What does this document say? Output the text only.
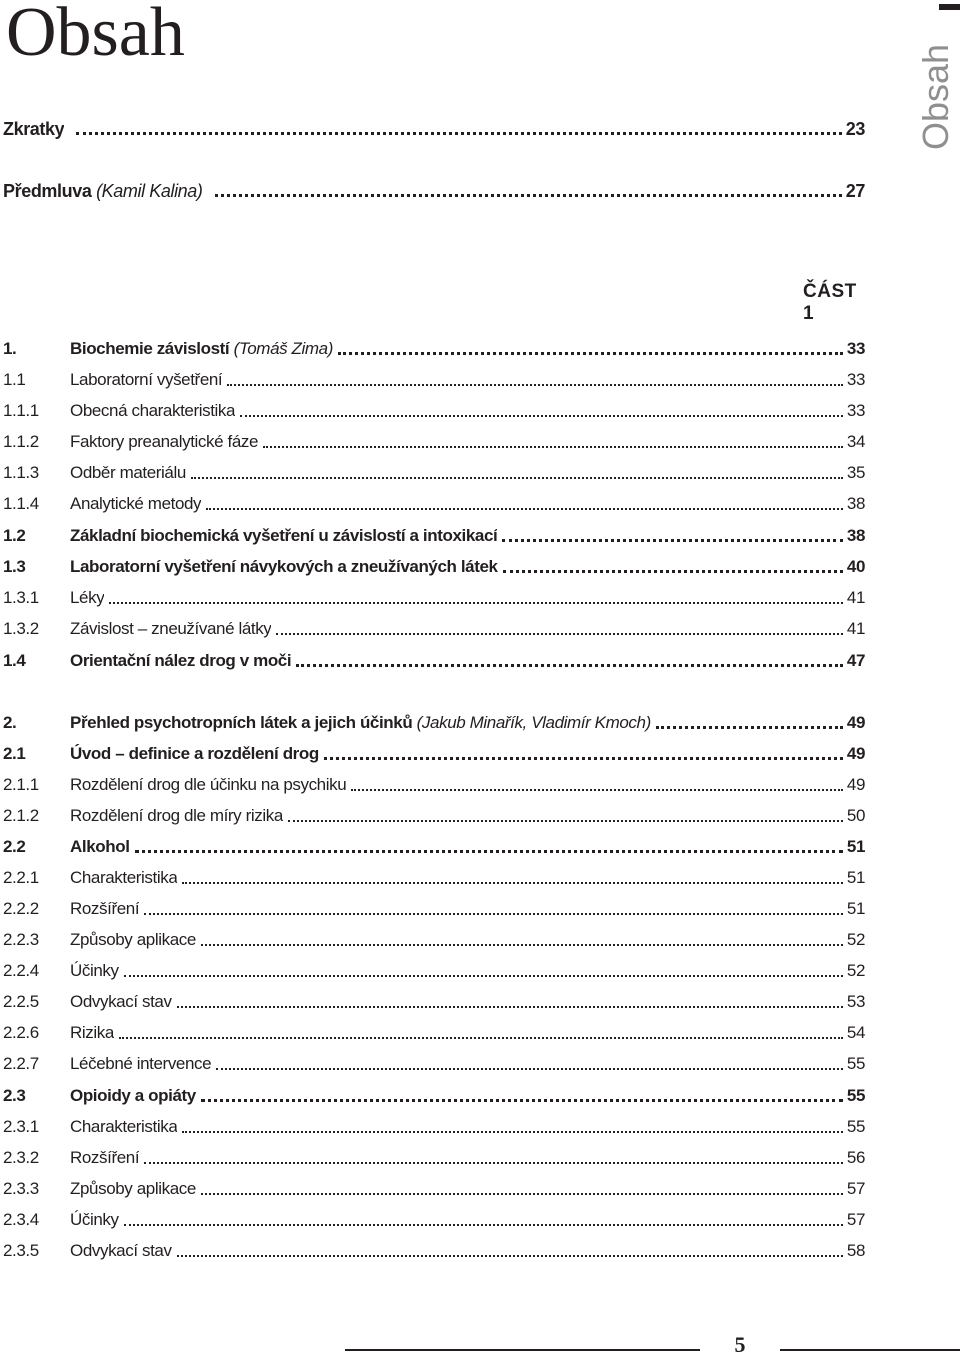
Obsah
Obsah

ČÁST 1

Zkratky	23
Předmluva (Kamil Kalina)	27
1.	Biochemie závislostí (Tomáš Zima)	33
1.1	Laboratorní vyšetření	33
1.1.1	Obecná charakteristika	33
1.1.2	Faktory preanalytické fáze	34
1.1.3	Odběr materiálu	35
1.1.4	Analytické metody	38
1.2	Základní biochemická vyšetření u závislostí a intoxikací	38
1.3	Laboratorní vyšetření návykových a zneužívaných látek	40
1.3.1	Léky	41
1.3.2	Závislost – zneužívané látky	41
1.4	Orientační nález drog v moči	47
2.	Přehled psychotropních látek a jejich účinků (Jakub Minařík, Vladimír Kmoch)	49
2.1	Úvod – definice a rozdělení drog	49
2.1.1	Rozdělení drog dle účinku na psychiku	49
2.1.2	Rozdělení drog dle míry rizika	50
2.2	Alkohol	51
2.2.1	Charakteristika	51
2.2.2	Rozšíření	51
2.2.3	Způsoby aplikace	52
2.2.4	Účinky	52
2.2.5	Odvykací stav	53
2.2.6	Rizika	54
2.2.7	Léčebné intervence	55
2.3	Opioidy a opiáty	55
2.3.1	Charakteristika	55
2.3.2	Rozšíření	56
2.3.3	Způsoby aplikace	57
2.3.4	Účinky	57
2.3.5	Odvykací stav	58
5
